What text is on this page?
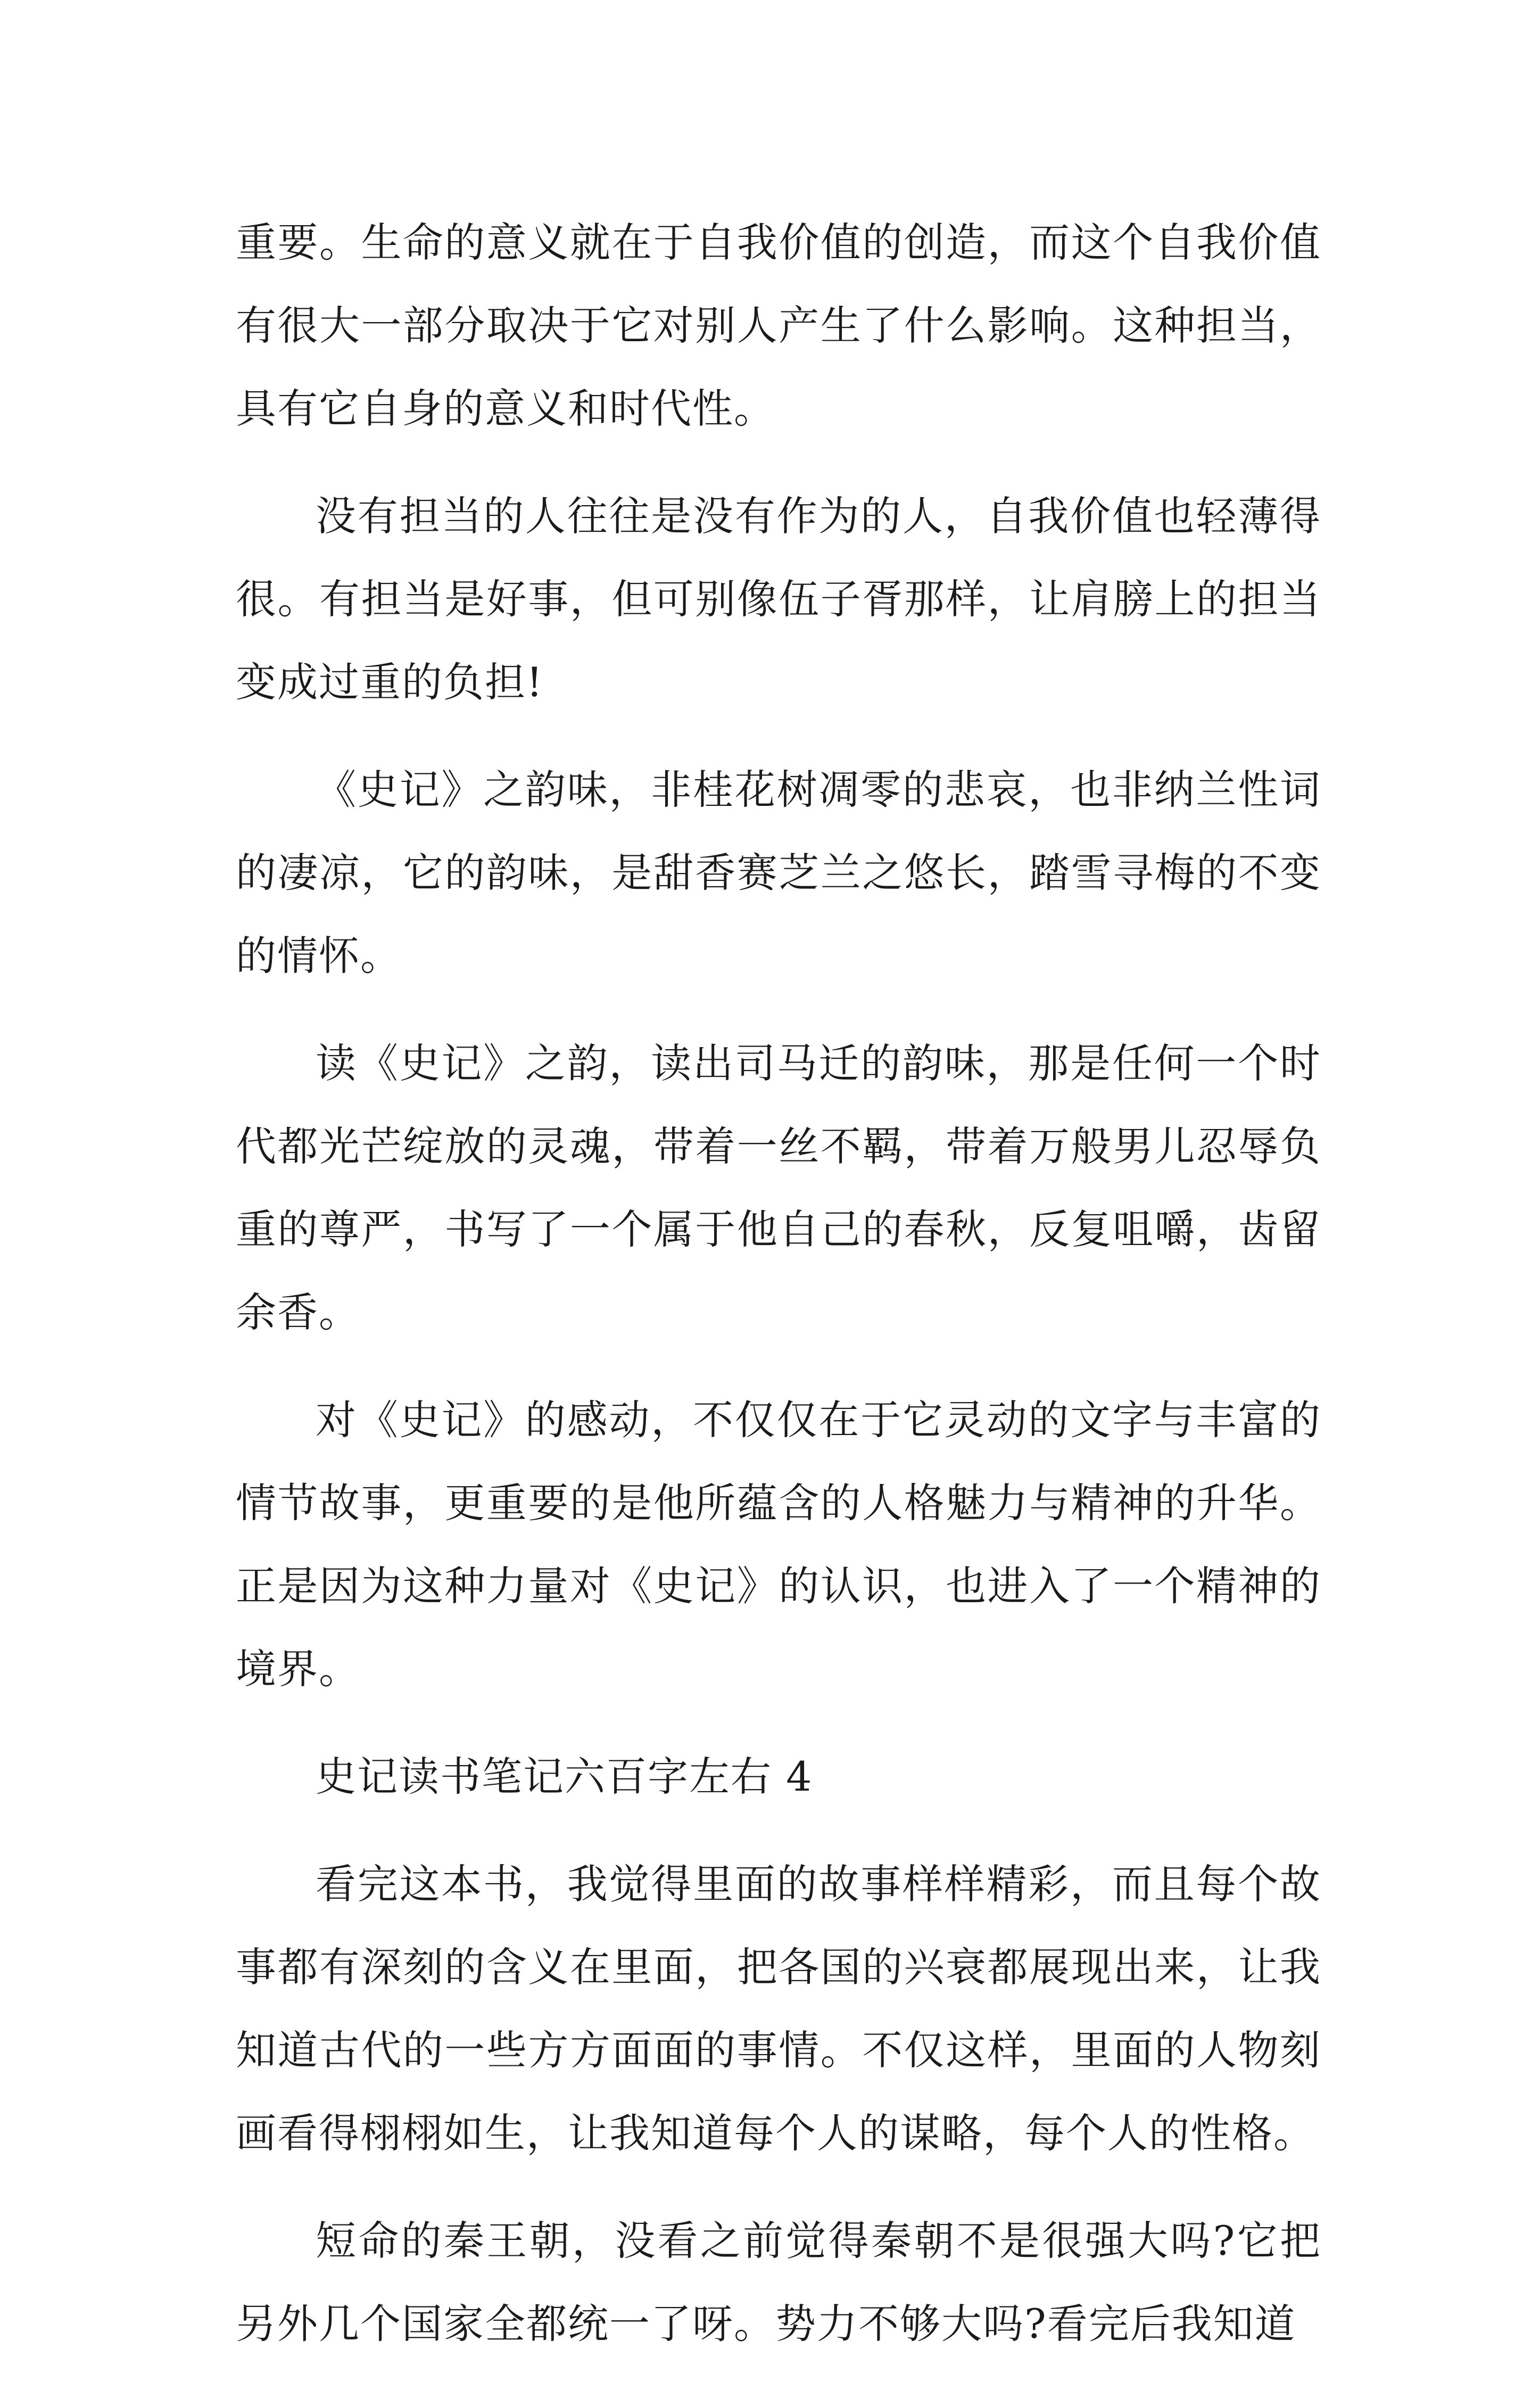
重要。生命的意义就在于自我价值的创造，而这个自我价值有很大一部分取决于它对别人产生了什么影响。这种担当，具有它自身的意义和时代性。

没有担当的人往往是没有作为的人，自我价值也轻薄得很。有担当是好事，但可别像伍子胥那样，让肩膀上的担当变成过重的负担!

《史记》之韵味，非桂花树凋零的悲哀，也非纳兰性词的凄凉，它的韵味，是甜香赛芝兰之悠长，踏雪寻梅的不变的情怀。

读《史记》之韵，读出司马迁的韵味，那是任何一个时代都光芒绽放的灵魂，带着一丝不羁，带着万般男儿忍辱负重的尊严，书写了一个属于他自己的春秋，反复咀嚼，齿留余香。

对《史记》的感动，不仅仅在于它灵动的文字与丰富的情节故事，更重要的是他所蕴含的人格魅力与精神的升华。正是因为这种力量对《史记》的认识，也进入了一个精神的境界。

史记读书笔记六百字左右 4

看完这本书，我觉得里面的故事样样精彩，而且每个故事都有深刻的含义在里面，把各国的兴衰都展现出来，让我知道古代的一些方方面面的事情。不仅这样，里面的人物刻画看得栩栩如生，让我知道每个人的谋略，每个人的性格。

短命的秦王朝，没看之前觉得秦朝不是很强大吗?它把另外几个国家全都统一了呀。势力不够大吗?看完后我知道
